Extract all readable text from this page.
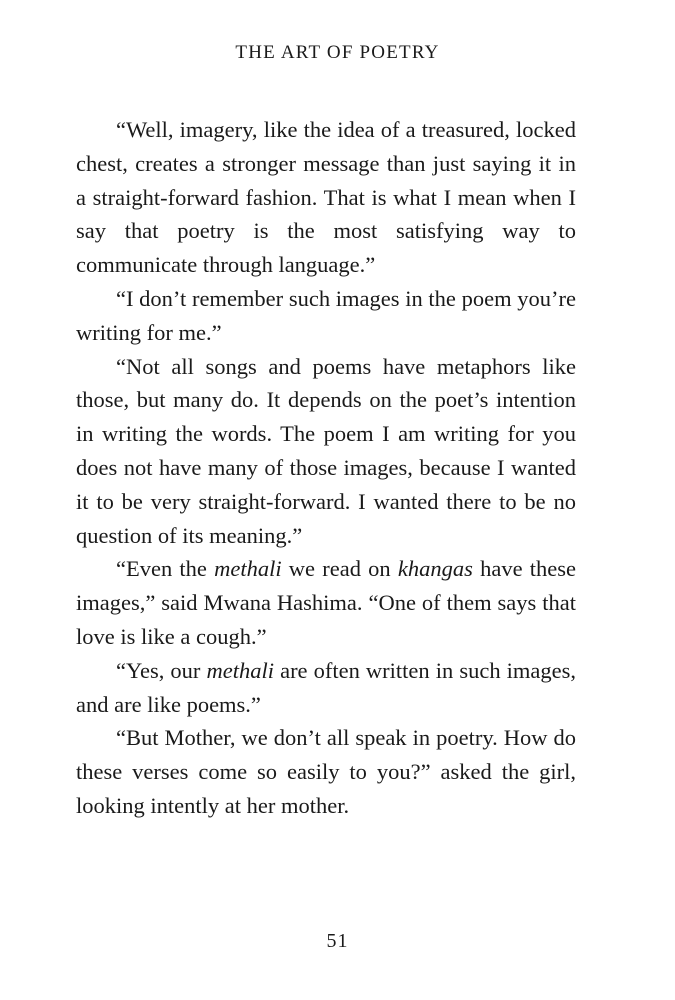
THE ART OF POETRY

“Well, imagery, like the idea of a treasured, locked chest, creates a stronger message than just saying it in a straight-forward fashion. That is what I mean when I say that poetry is the most satisfying way to communicate through language.”

“I don’t remember such images in the poem you’re writing for me.”

“Not all songs and poems have metaphors like those, but many do. It depends on the poet’s intention in writing the words. The poem I am writing for you does not have many of those images, because I wanted it to be very straight-forward. I wanted there to be no question of its meaning.”

“Even the methali we read on khangas have these images,” said Mwana Hashima. “One of them says that love is like a cough.”

“Yes, our methali are often written in such images, and are like poems.”

“But Mother, we don’t all speak in poetry. How do these verses come so easily to you?” asked the girl, looking intently at her mother.

51
